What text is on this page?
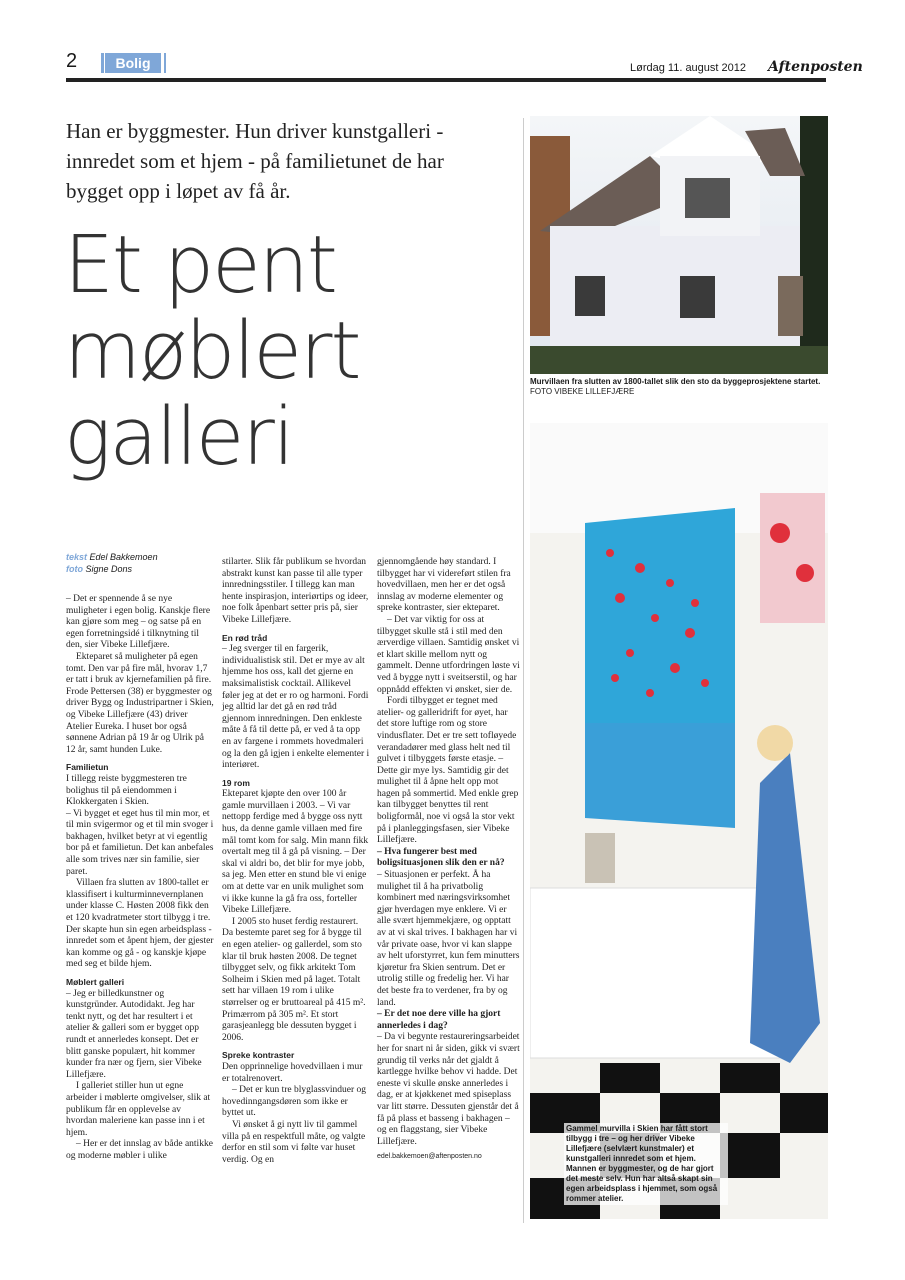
2	Bolig	Lørdag 11. august 2012 Aftenposten
Han er byggmester. Hun driver kunstgalleri - innredet som et hjem - på familietunet de har bygget opp i løpet av få år.
Et pent møblert galleri
Murvillaen fra slutten av 1800-tallet slik den sto da byggeprosjektene startet.
FOTO VIBEKE LILLEFJÆRE
Gammel murvilla i Skien har fått stort tilbygg i tre – og her driver Vibeke Lillefjære (selvlært kunstmaler) et kunstgalleri innredet som et hjem. Mannen er byggmester, og de har gjort det meste selv. Hun har altså skapt sin egen arbeidsplass i hjemmet, som også rommer atelier.
tekst Edel Bakkemoen
foto Signe Dons

– Det er spennende å se nye muligheter i egen bolig. Kanskje flere kan gjøre som meg – og satse på en egen forretningsidé i tilknytning til den, sier Vibeke Lillefjære.

Ekteparet så muligheter på egen tomt. Den var på fire mål, hvorav 1,7 er tatt i bruk av kjernefamilien på fire. Frode Pettersen (38) er byggmester og driver Bygg og Industripartner i Skien, og Vibeke Lillefjære (43) driver Atelier Eureka. I huset bor også sønnene Adrian på 19 år og Ulrik på 12 år, samt hunden Luke.

Familietun

I tillegg reiste byggmesteren tre bolighus til på eiendommen i Klokkergaten i Skien.

– Vi bygget et eget hus til min mor, et til min svigermor og et til min svoger i bakhagen, hvilket betyr at vi egentlig bor på et familietun. Det kan anbefales alle som trives nær sin familie, sier paret.

Villaen fra slutten av 1800-tallet er klassifisert i kulturminnevernplanen under klasse C. Høsten 2008 fikk den et 120 kvadratmeter stort tilbygg i tre. Der skapte hun sin egen arbeidsplass - innredet som et åpent hjem, der gjester kan komme og gå - og kanskje kjøpe med seg et bilde hjem.

Møblert galleri

– Jeg er billedkunstner og kunstgründer. Autodidakt. Jeg har tenkt nytt, og det har resultert i et atelier & galleri som er bygget opp rundt et annerledes konsept. Det er blitt ganske populært, hit kommer kunder fra nær og fjern, sier Vibeke Lillefjære.

I galleriet stiller hun ut egne arbeider i møblerte omgivelser, slik at publikum får en opplevelse av hvordan maleriene kan passe inn i et hjem.

– Her er det innslag av både antikke og moderne møbler i ulike

stilarter. Slik får publikum se hvordan abstrakt kunst kan passe til alle typer innredningsstiler. I tillegg kan man hente inspirasjon, interiørtips og ideer, noe folk åpenbart setter pris på, sier Vibeke Lillefjære.

En rød tråd

– Jeg sverger til en fargerik, individualistisk stil. Det er mye av alt hjemme hos oss, kall det gjerne en maksimalistisk cocktail. Allikevel føler jeg at det er ro og harmoni. Fordi jeg alltid lar det gå en rød tråd gjennom innredningen. Den enkleste måte å få til dette på, er ved å ta opp en av fargene i rommets hovedmaleri og la den gå igjen i enkelte elementer i interiøret.

19 rom

Ekteparet kjøpte den over 100 år gamle murvillaen i 2003. – Vi var nettopp ferdige med å bygge oss nytt hus, da denne gamle villaen med fire mål tomt kom for salg. Min mann fikk overtalt meg til å gå på visning. – Der skal vi aldri bo, det blir for mye jobb, sa jeg. Men etter en stund ble vi enige om at dette var en unik mulighet som vi ikke kunne la gå fra oss, forteller Vibeke Lillefjære.

I 2005 sto huset ferdig restaurert. Da bestemte paret seg for å bygge til en egen atelier- og gallerdel, som sto klar til bruk høsten 2008. De tegnet tilbygget selv, og fikk arkitekt Tom Solheim i Skien med på laget. Totalt sett har villaen 19 rom i ulike størrelser og er bruttoareal på 415 m². Primærrom på 305 m². Et stort garasjeanlegg ble dessuten bygget i 2006.

Spreke kontraster

Den opprinnelige hovedvillaen i mur er totalrenovert.

– Det er kun tre blyglassvinduer og hovedinngangsdøren som ikke er byttet ut.

Vi ønsket å gi nytt liv til gammel villa på en respektfull måte, og valgte derfor en stil som vi følte var huset verdig. Og en

gjennomgående høy standard. I tilbygget har vi videreført stilen fra hovedvillaen, men her er det også innslag av moderne elementer og spreke kontraster, sier ekteparet.

– Det var viktig for oss at tilbygget skulle stå i stil med den ærverdige villaen. Samtidig ønsket vi et klart skille mellom nytt og gammelt. Denne utfordringen løste vi ved å bygge nytt i sveitserstil, og har oppnådd effekten vi ønsket, sier de.

Fordi tilbygget er tegnet med atelier- og galleridrift for øyet, har det store luftige rom og store vindusflater. Det er tre sett tofløyede verandadører med glass helt ned til gulvet i tilbyggets første etasje. – Dette gir mye lys. Samtidig gir det mulighet til å åpne helt opp mot hagen på sommertid. Med enkle grep kan tilbygget benyttes til rent boligformål, noe vi også la stor vekt på i planleggingsfasen, sier Vibeke Lillefjære.

– Hva fungerer best med boligsituasjonen slik den er nå?

– Situasjonen er perfekt. Å ha mulighet til å ha privatbolig kombinert med næringsvirksomhet gjør hverdagen mye enklere. Vi er alle svært hjemmekjære, og opptatt av at vi skal trives. I bakhagen har vi vår private oase, hvor vi kan slappe av helt uforstyrret, kun fem minutters kjøretur fra Skien sentrum. Det er utrolig stille og fredelig her. Vi har det beste fra to verdener, fra by og land.

– Er det noe dere ville ha gjort annerledes i dag?

– Da vi begynte restaureringsarbeidet her for snart ni år siden, gikk vi svært grundig til verks når det gjaldt å kartlegge hvilke behov vi hadde. Det eneste vi skulle ønske annerledes i dag, er at kjøkkenet med spiseplass var litt større. Dessuten gjenstår det å få på plass et basseng i bakhagen – og en flaggstang, sier Vibeke Lillefjære.

edel.bakkemoen@aftenposten.no
